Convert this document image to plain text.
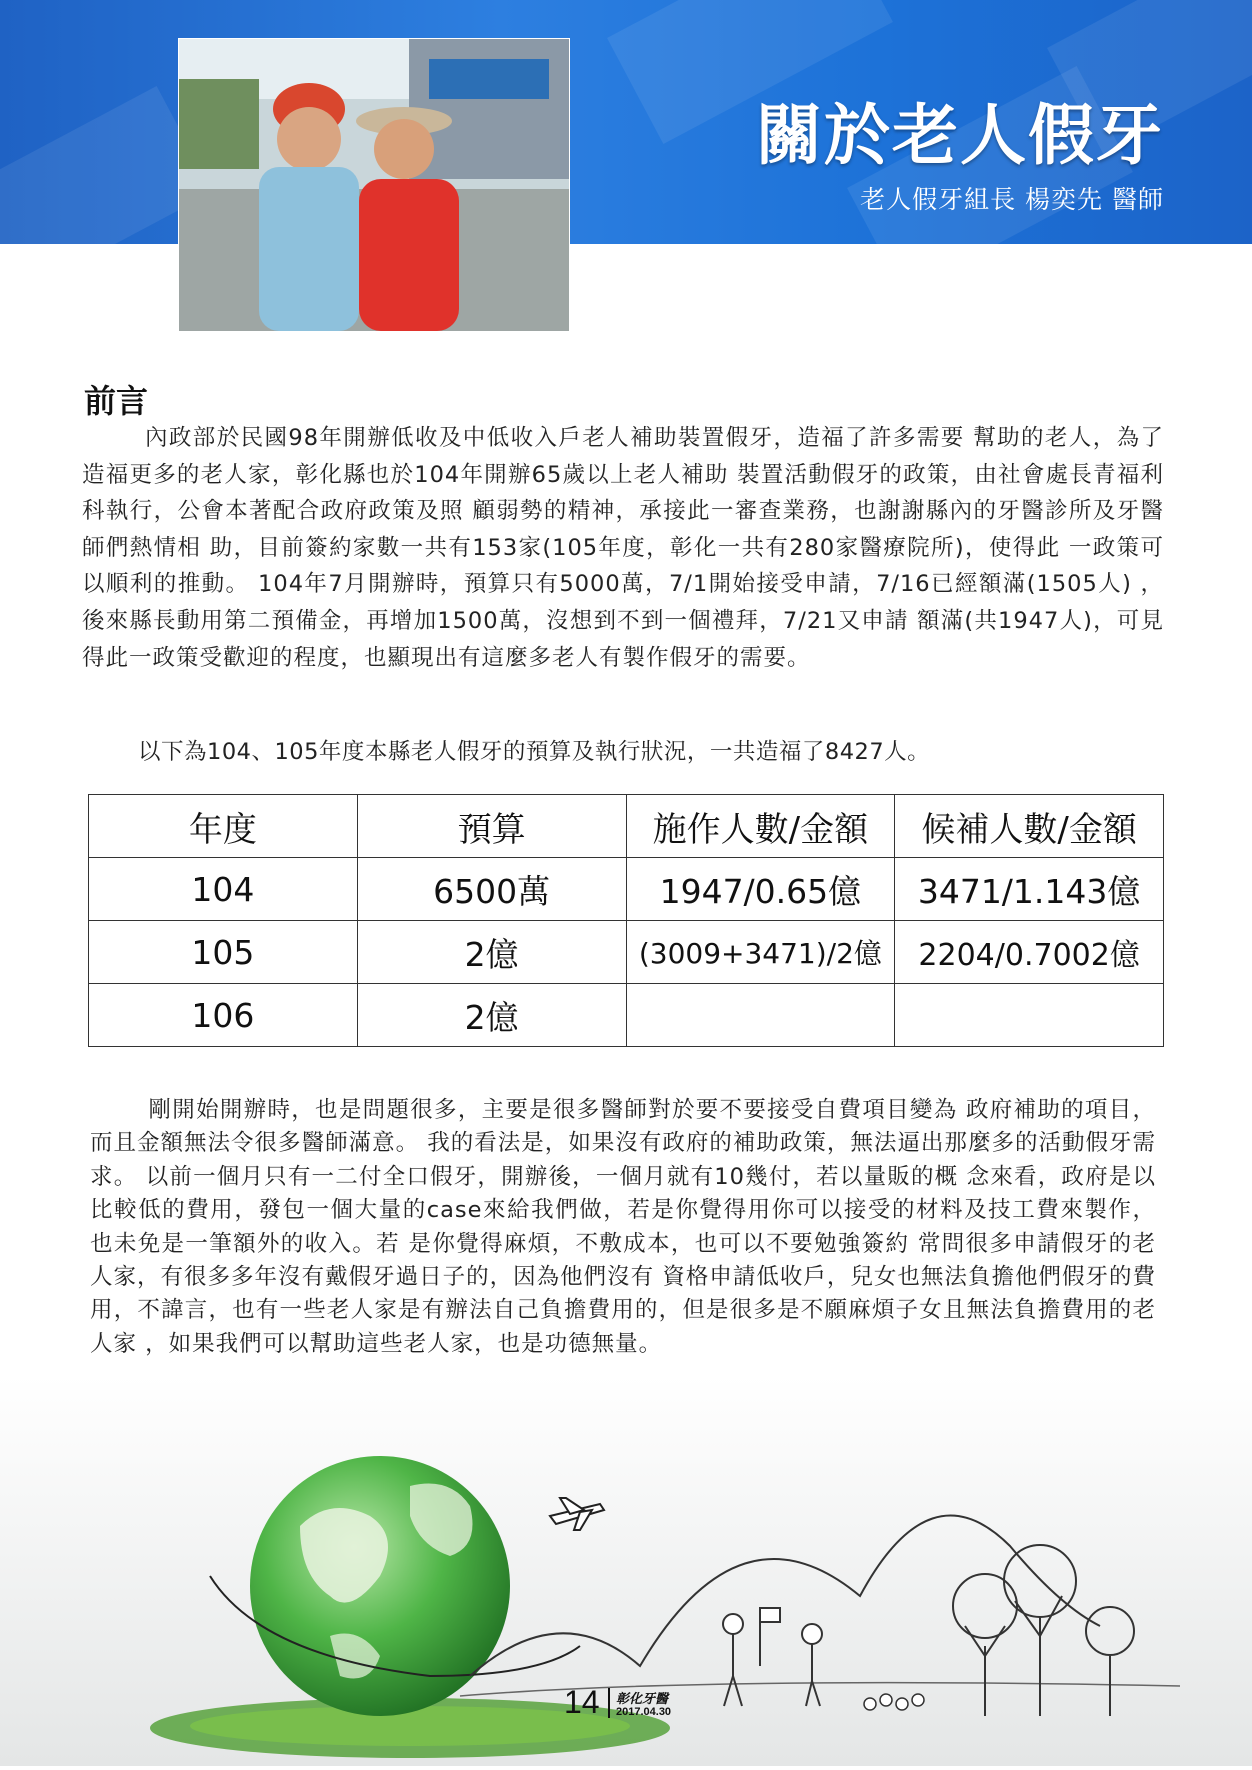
關於老人假牙
老人假牙組長 楊奕先 醫師
前言

內政部於民國98年開辦低收及中低收入戶老人補助裝置假牙，造福了許多需要 幫助的老人，為了造福更多的老人家，彰化縣也於104年開辦65歲以上老人補助 裝置活動假牙的政策，由社會處長青福利科執行，公會本著配合政府政策及照 顧弱勢的精神，承接此一審查業務，也謝謝縣內的牙醫診所及牙醫師們熱情相 助，目前簽約家數一共有153家(105年度，彰化一共有280家醫療院所)，使得此 一政策可以順利的推動。 104年7月開辦時，預算只有5000萬，7/1開始接受申請，7/16已經額滿(1505人) ， 後來縣長動用第二預備金，再增加1500萬，沒想到不到一個禮拜，7/21又申請 額滿(共1947人)，可見得此一政策受歡迎的程度，也顯現出有這麼多老人有製作假牙的需要。

以下為104、105年度本縣老人假牙的預算及執行狀況，一共造福了8427人。

年度	預算	施作人數/金額	候補人數/金額
104	6500萬	1947/0.65億	3471/1.143億
105	2億	(3009+3471)/2億	2204/0.7002億
106	2億		

剛開始開辦時，也是問題很多，主要是很多醫師對於要不要接受自費項目變為 政府補助的項目，而且金額無法令很多醫師滿意。 我的看法是，如果沒有政府的補助政策，無法逼出那麼多的活動假牙需求。 以前一個月只有一二付全口假牙，開辦後，一個月就有10幾付，若以量販的概 念來看，政府是以比較低的費用，發包一個大量的case來給我們做，若是你覺得用你可以接受的材料及技工費來製作，也未免是一筆額外的收入。若 是你覺得麻煩，不敷成本，也可以不要勉強簽約 常問很多申請假牙的老人家，有很多多年沒有戴假牙過日子的，因為他們沒有 資格申請低收戶，兒女也無法負擔他們假牙的費用，不諱言，也有一些老人家是有辦法自己負擔費用的，但是很多是不願麻煩子女且無法負擔費用的老人家 ，如果我們可以幫助這些老人家，也是功德無量。

14 彰化牙醫
2017.04.30
